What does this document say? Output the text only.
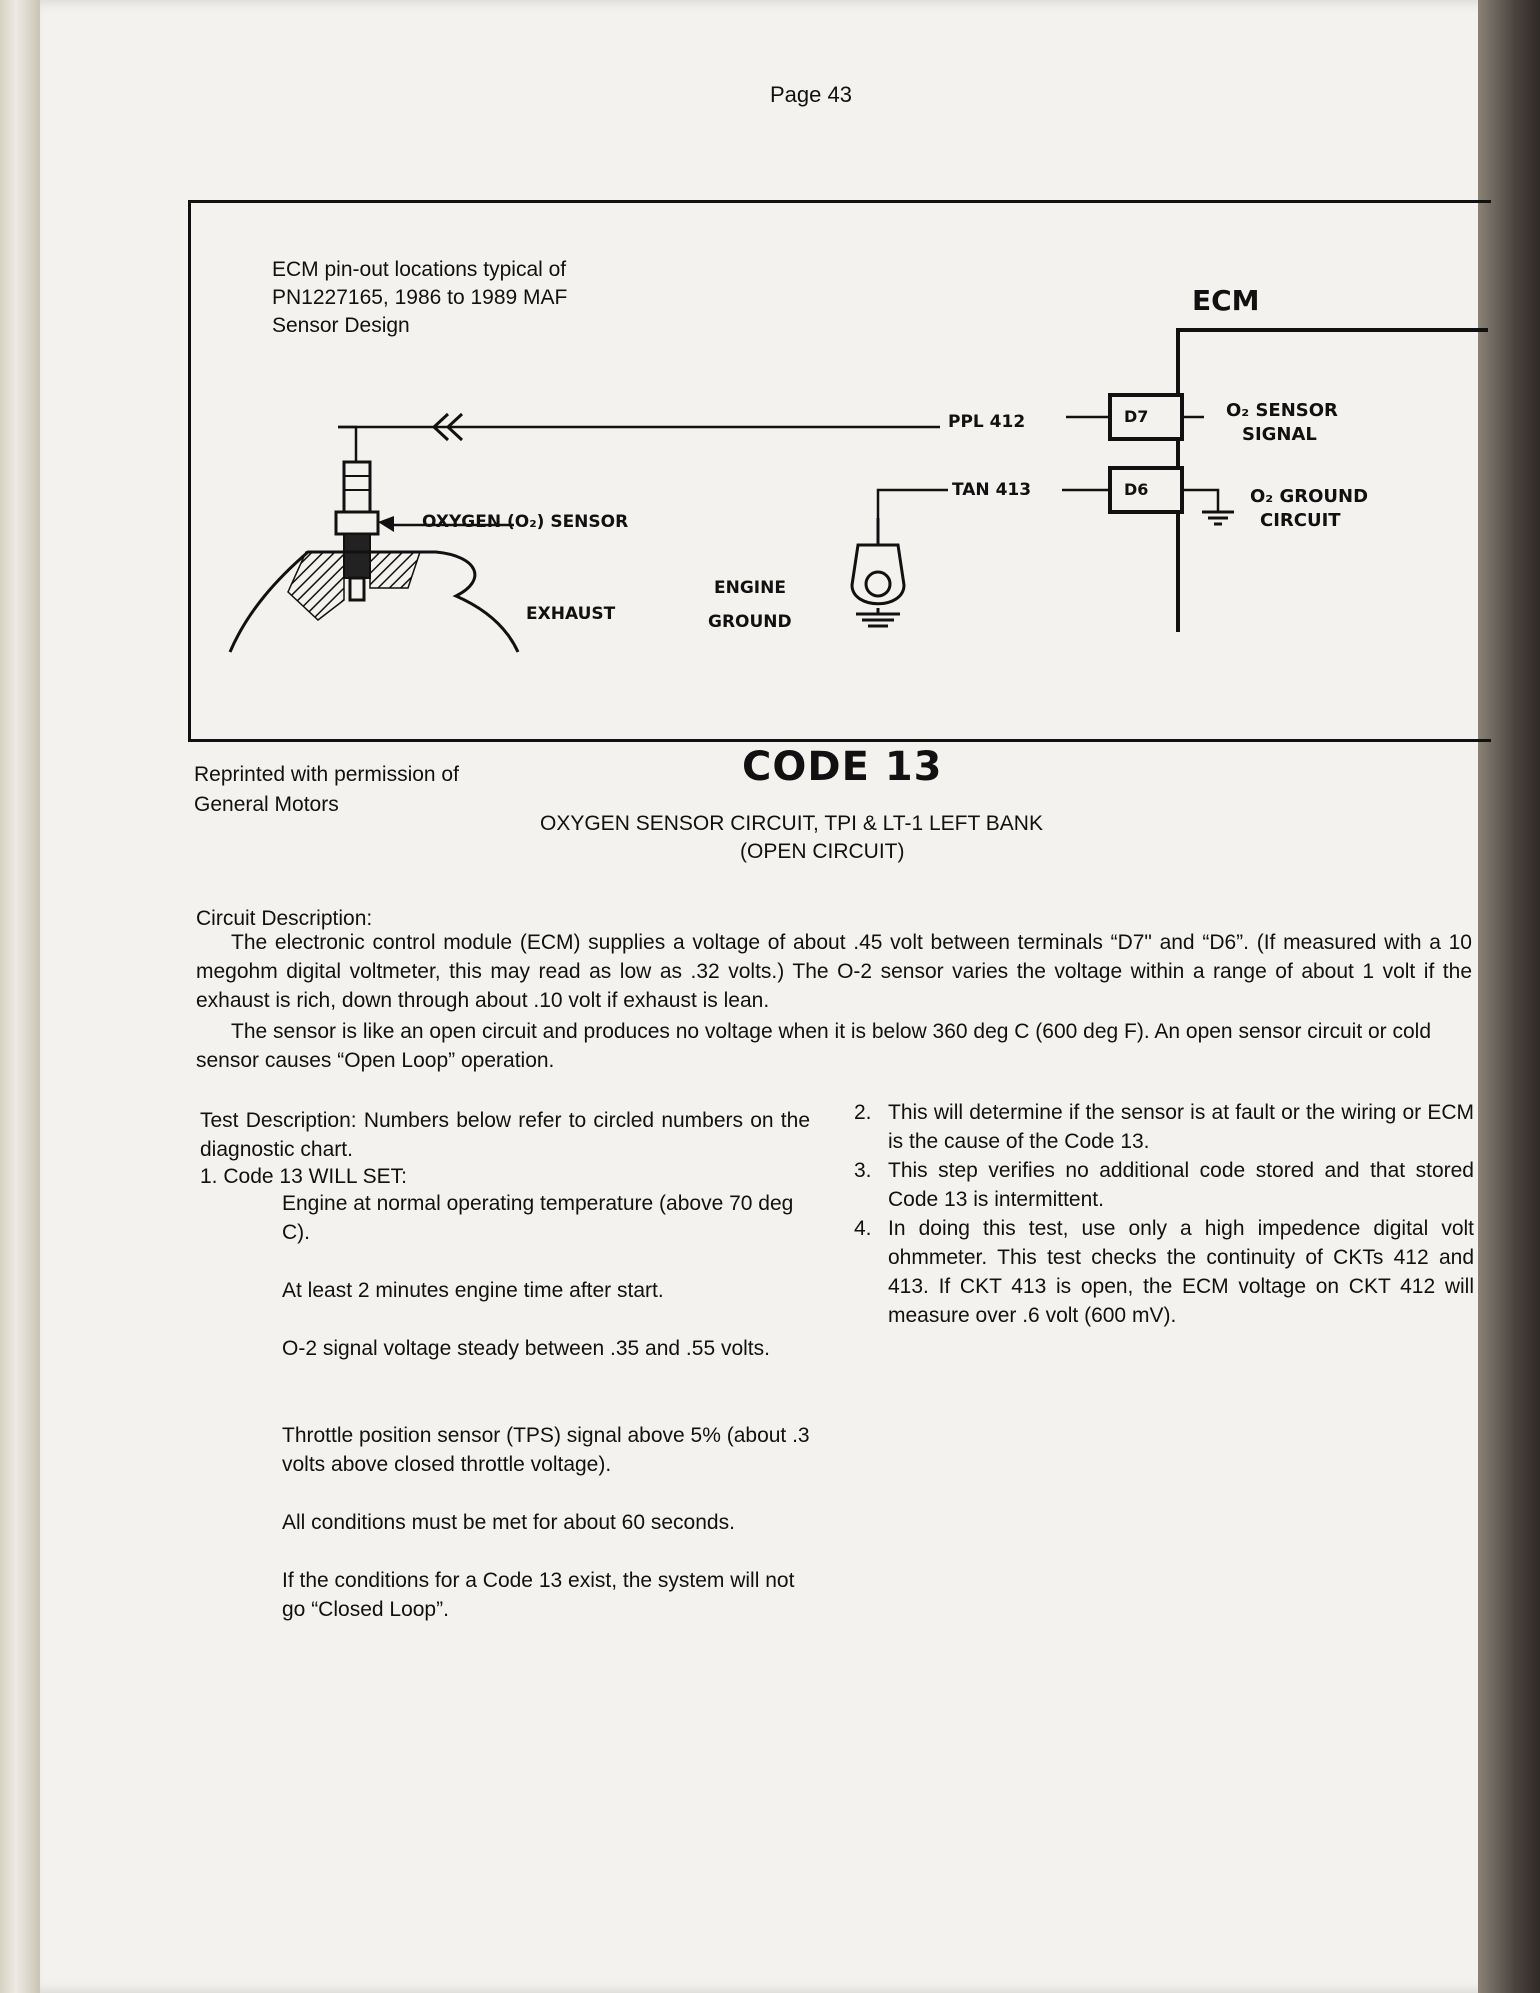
Page 43
ECM pin-out locations typical of PN1227165, 1986 to 1989 MAF Sensor Design
ECM
PPL 412
TAN 413
D7
D6
O₂ SENSOR
SIGNAL
O₂ GROUND
CIRCUIT
OXYGEN (O₂) SENSOR
EXHAUST
ENGINE
GROUND
CODE 13
Reprinted with permission of General Motors
OXYGEN SENSOR CIRCUIT, TPI & LT-1 LEFT BANK
(OPEN CIRCUIT)
Circuit Description:
The electronic control module (ECM) supplies a voltage of about .45 volt between terminals “D7" and “D6”. (If measured with a 10 megohm digital voltmeter, this may read as low as .32 volts.) The O-2 sensor varies the voltage within a range of about 1 volt if the exhaust is rich, down through about .10 volt if exhaust is lean.
The sensor is like an open circuit and produces no voltage when it is below 360 deg C (600 deg F). An open sensor circuit or cold sensor causes “Open Loop” operation.
Test Description: Numbers below refer to circled numbers on the diagnostic chart.
1. Code 13 WILL SET:
Engine at normal operating temperature (above 70 deg C).
At least 2 minutes engine time after start.
O-2 signal voltage steady between .35 and .55 volts.
Throttle position sensor (TPS) signal above 5% (about .3 volts above closed throttle voltage).
All conditions must be met for about 60 seconds.
If the conditions for a Code 13 exist, the system will not go “Closed Loop”.
2. This will determine if the sensor is at fault or the wiring or ECM is the cause of the Code 13.
3. This step verifies no additional code stored and that stored Code 13 is intermittent.
4. In doing this test, use only a high impedence digital volt ohmmeter. This test checks the continuity of CKTs 412 and 413. If CKT 413 is open, the ECM voltage on CKT 412 will measure over .6 volt (600 mV).
